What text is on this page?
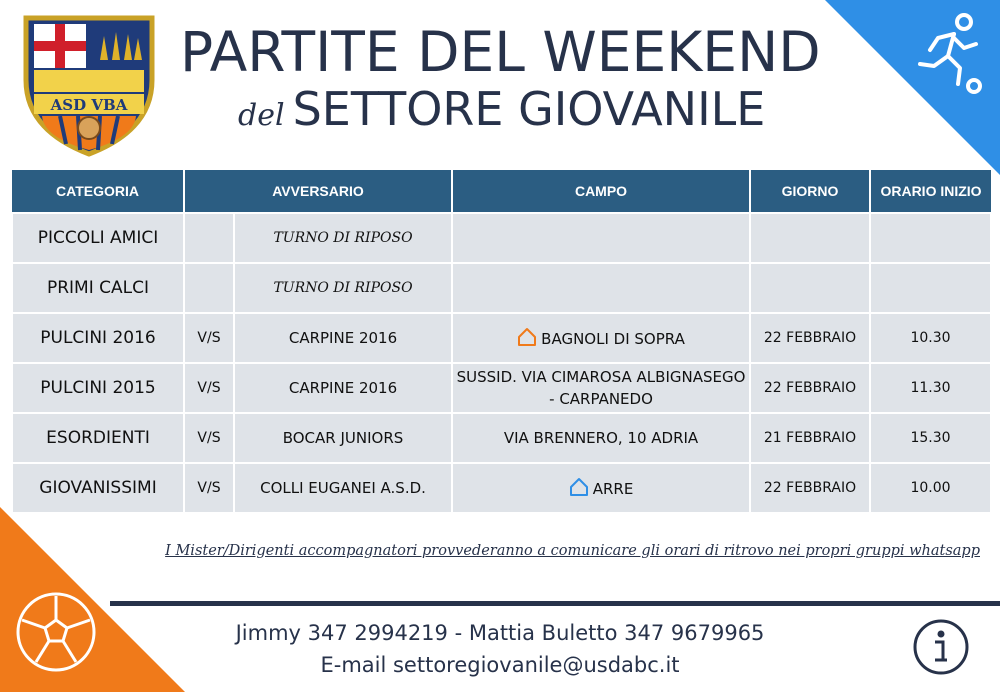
ASD VBA
PARTITE DEL WEEKEND
del SETTORE GIOVANILE
CATEGORIA	AVVERSARIO		CAMPO	GIORNO	ORARIO INIZIO
PICCOLI AMICI		TURNO DI RIPOSO			
PRIMI CALCI		TURNO DI RIPOSO			
PULCINI 2016	V/S	CARPINE 2016	BAGNOLI DI SOPRA	22 FEBBRAIO	10.30
PULCINI 2015	V/S	CARPINE 2016	SUSSID. VIA CIMAROSA ALBIGNASEGO - CARPANEDO	22 FEBBRAIO	11.30
ESORDIENTI	V/S	BOCAR JUNIORS	VIA BRENNERO, 10 ADRIA	21 FEBBRAIO	15.30
GIOVANISSIMI	V/S	COLLI EUGANEI A.S.D.	ARRE	22 FEBBRAIO	10.00
I Mister/Dirigenti accompagnatori provvederanno a comunicare gli orari di ritrovo nei propri gruppi whatsapp
Jimmy 347 2994219 - Mattia Buletto 347 9679965
E-mail settoregiovanile@usdabc.it
